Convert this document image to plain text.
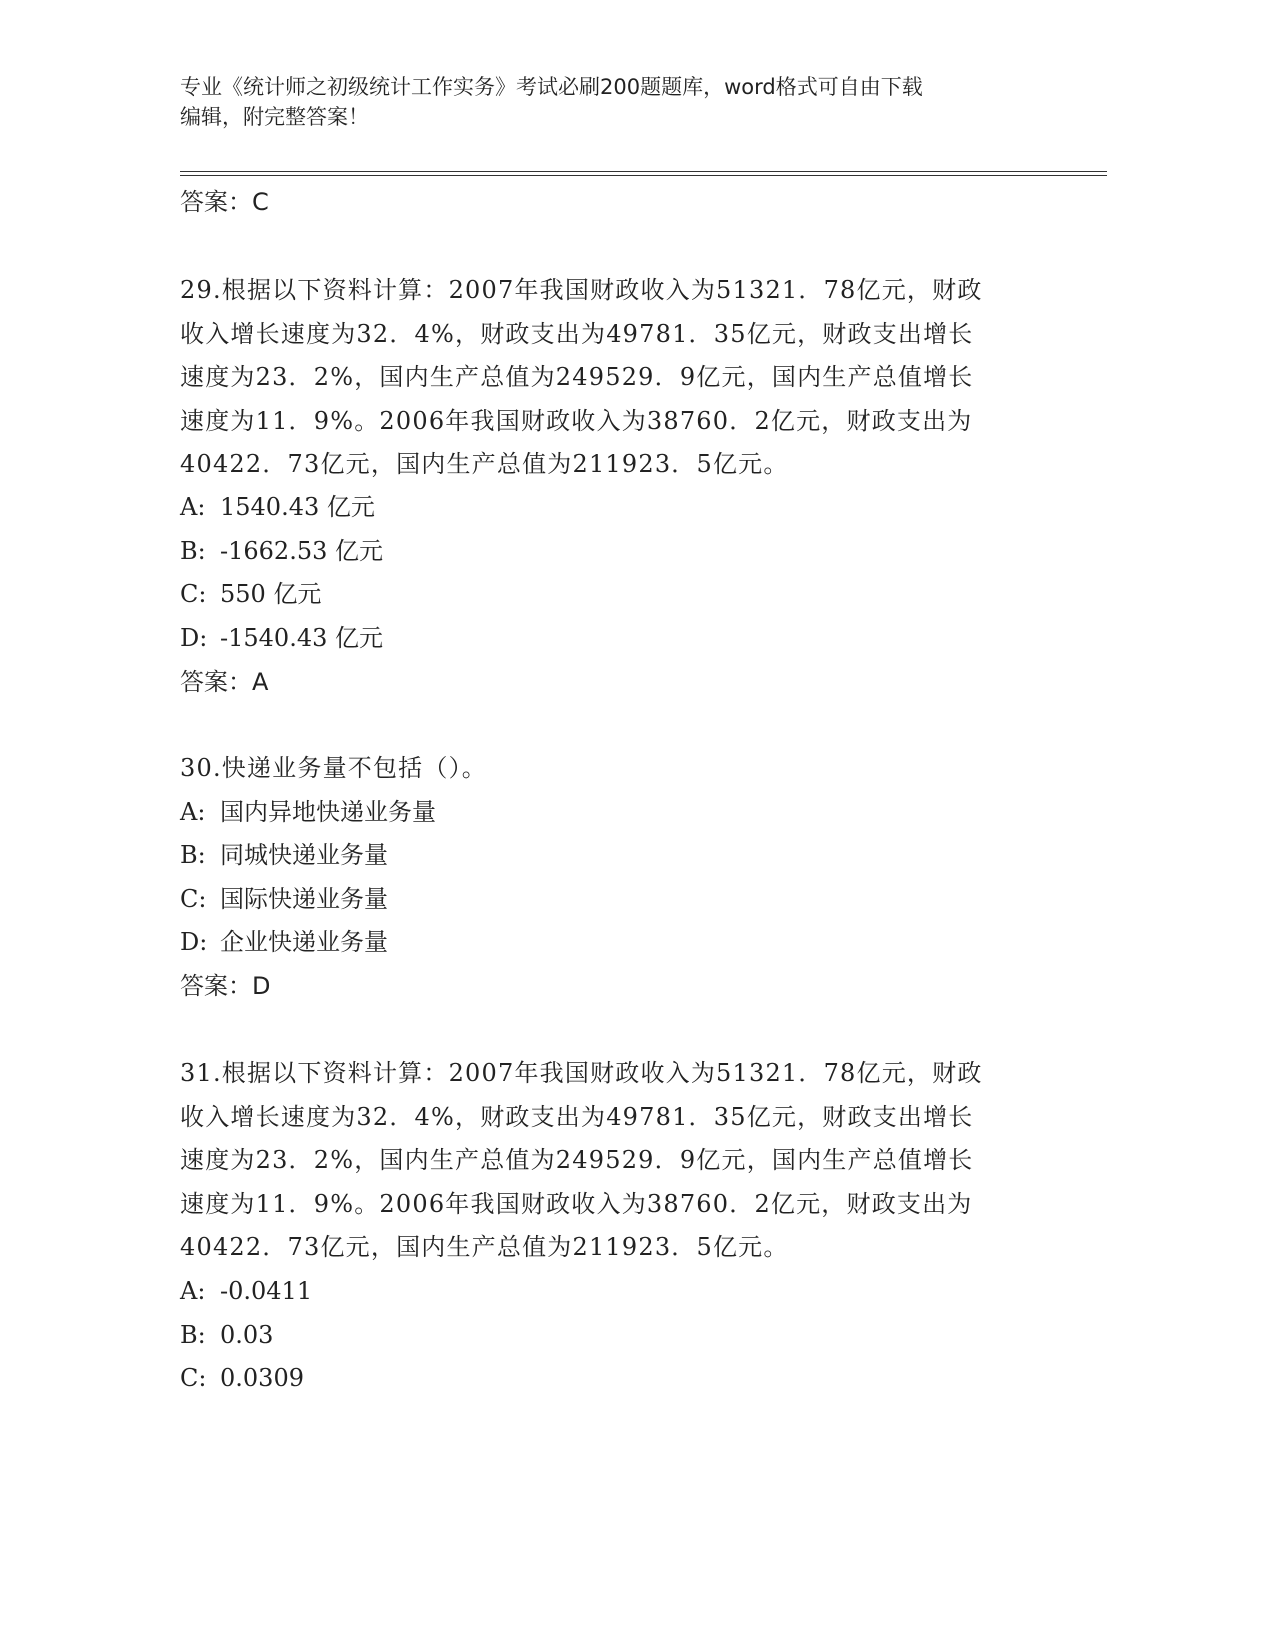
专业《统计师之初级统计工作实务》考试必刷200题题库，word格式可自由下载
编辑，附完整答案！
答案：C
29.根据以下资料计算：2007年我国财政收入为51321．78亿元，财政
收入增长速度为32．4%，财政支出为49781．35亿元，财政支出增长
速度为23．2%，国内生产总值为249529．9亿元，国内生产总值增长
速度为11．9%。2006年我国财政收入为38760．2亿元，财政支出为
40422．73亿元，国内生产总值为211923．5亿元。
A: 1540.43 亿元
B: -1662.53 亿元
C: 550 亿元
D: -1540.43 亿元
答案：A
30.快递业务量不包括（）。
A: 国内异地快递业务量
B: 同城快递业务量
C: 国际快递业务量
D: 企业快递业务量
答案：D
31.根据以下资料计算：2007年我国财政收入为51321．78亿元，财政
收入增长速度为32．4%，财政支出为49781．35亿元，财政支出增长
速度为23．2%，国内生产总值为249529．9亿元，国内生产总值增长
速度为11．9%。2006年我国财政收入为38760．2亿元，财政支出为
40422．73亿元，国内生产总值为211923．5亿元。
A: -0.0411
B: 0.03
C: 0.0309
